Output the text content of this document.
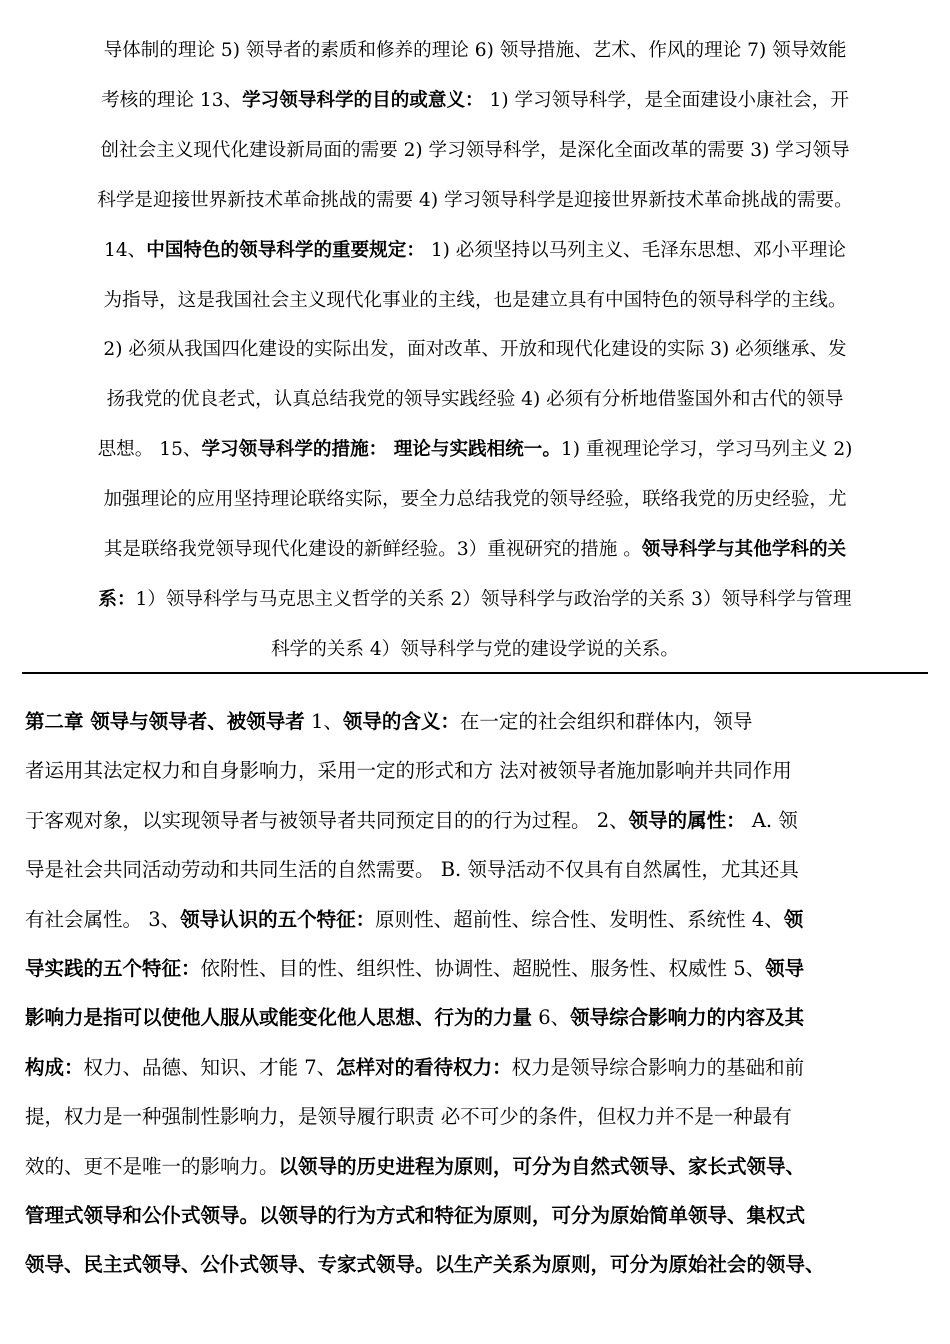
导体制的理论 5) 领导者的素质和修养的理论 6) 领导措施、艺术、作风的理论 7) 领导效能
考核的理论 13、学习领导科学的目的或意义： 1) 学习领导科学，是全面建设小康社会，开
创社会主义现代化建设新局面的需要 2) 学习领导科学，是深化全面改革的需要 3) 学习领导
科学是迎接世界新技术革命挑战的需要 4) 学习领导科学是迎接世界新技术革命挑战的需要。
14、中国特色的领导科学的重要规定： 1) 必须坚持以马列主义、毛泽东思想、邓小平理论
为指导，这是我国社会主义现代化事业的主线，也是建立具有中国特色的领导科学的主线。
2) 必须从我国四化建设的实际出发，面对改革、开放和现代化建设的实际 3) 必须继承、发
扬我党的优良老式，认真总结我党的领导实践经验 4) 必须有分析地借鉴国外和古代的领导
思想。 15、学习领导科学的措施： 理论与实践相统一。1) 重视理论学习，学习马列主义 2)
加强理论的应用坚持理论联络实际，要全力总结我党的领导经验，联络我党的历史经验，尤
其是联络我党领导现代化建设的新鲜经验。3）重视研究的措施 。领导科学与其他学科的关
系：1）领导科学与马克思主义哲学的关系 2）领导科学与政治学的关系 3）领导科学与管理
科学的关系 4）领导科学与党的建设学说的关系。
第二章 领导与领导者、被领导者 1、领导的含义：在一定的社会组织和群体内，领导
者运用其法定权力和自身影响力，采用一定的形式和方 法对被领导者施加影响并共同作用
于客观对象，以实现领导者与被领导者共同预定目的的行为过程。 2、领导的属性： A. 领
导是社会共同活动劳动和共同生活的自然需要。 B. 领导活动不仅具有自然属性，尤其还具
有社会属性。 3、领导认识的五个特征：原则性、超前性、综合性、发明性、系统性 4、领
导实践的五个特征：依附性、目的性、组织性、协调性、超脱性、服务性、权威性 5、领导
影响力是指可以使他人服从或能变化他人思想、行为的力量 6、领导综合影响力的内容及其
构成：权力、品德、知识、才能 7、怎样对的看待权力：权力是领导综合影响力的基础和前
提，权力是一种强制性影响力，是领导履行职责 必不可少的条件，但权力并不是一种最有
效的、更不是唯一的影响力。以领导的历史进程为原则，可分为自然式领导、家长式领导、
管理式领导和公仆式领导。以领导的行为方式和特征为原则，可分为原始简单领导、集权式
领导、民主式领导、公仆式领导、专家式领导。以生产关系为原则，可分为原始社会的领导、
